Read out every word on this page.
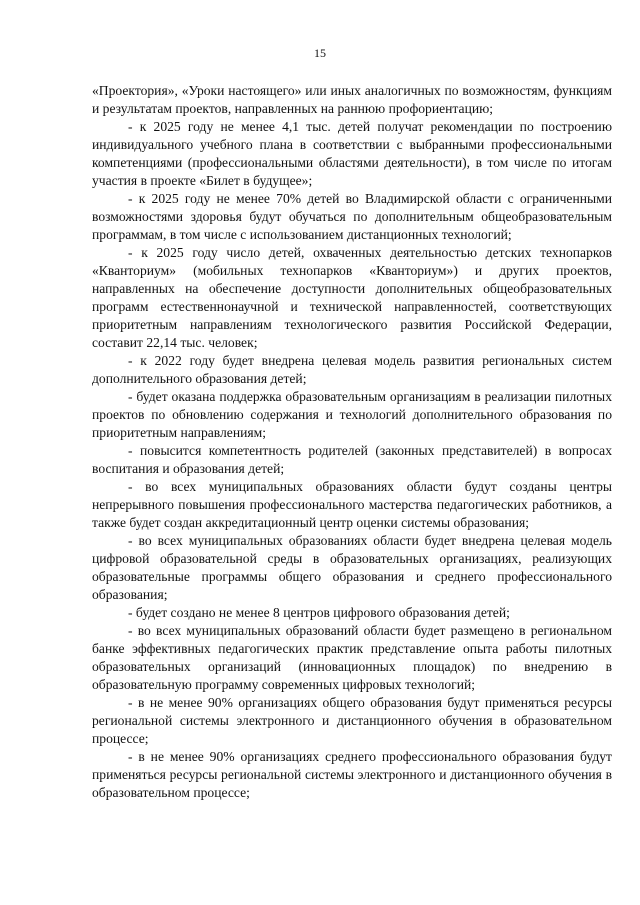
15

«Проектория», «Уроки настоящего» или иных аналогичных по возможностям, функциям и результатам проектов, направленных на раннюю профориентацию;

- к 2025 году не менее 4,1 тыс. детей получат рекомендации по построению индивидуального учебного плана в соответствии с выбранными профессиональными компетенциями (профессиональными областями деятельности), в том числе по итогам участия в проекте «Билет в будущее»;

- к 2025 году не менее 70% детей во Владимирской области с ограниченными возможностями здоровья будут обучаться по дополнительным общеобразовательным программам, в том числе с использованием дистанционных технологий;

- к 2025 году число детей, охваченных деятельностью детских технопарков «Кванториум» (мобильных технопарков «Кванториум») и других проектов, направленных на обеспечение доступности дополнительных общеобразовательных программ естественнонаучной и технической направленностей, соответствующих приоритетным направлениям технологического развития Российской Федерации, составит 22,14 тыс. человек;

- к 2022 году будет внедрена целевая модель развития региональных систем дополнительного образования детей;

- будет оказана поддержка образовательным организациям в реализации пилотных проектов по обновлению содержания и технологий дополнительного образования по приоритетным направлениям;

- повысится компетентность родителей (законных представителей) в вопросах воспитания и образования детей;

- во всех муниципальных образованиях области будут созданы центры непрерывного повышения профессионального мастерства педагогических работников, а также будет создан аккредитационный центр оценки системы образования;

- во всех муниципальных образованиях области будет внедрена целевая модель цифровой образовательной среды в образовательных организациях, реализующих образовательные программы общего образования и среднего профессионального образования;

- будет создано не менее 8 центров цифрового образования детей;

- во всех муниципальных образований области будет размещено в региональном банке эффективных педагогических практик представление опыта работы пилотных образовательных организаций (инновационных площадок) по внедрению в образовательную программу современных цифровых технологий;

- в не менее 90% организациях общего образования будут применяться ресурсы региональной системы электронного и дистанционного обучения в образовательном процессе;

- в не менее 90% организациях среднего профессионального образования будут применяться ресурсы региональной системы электронного и дистанционного обучения в образовательном процессе;
